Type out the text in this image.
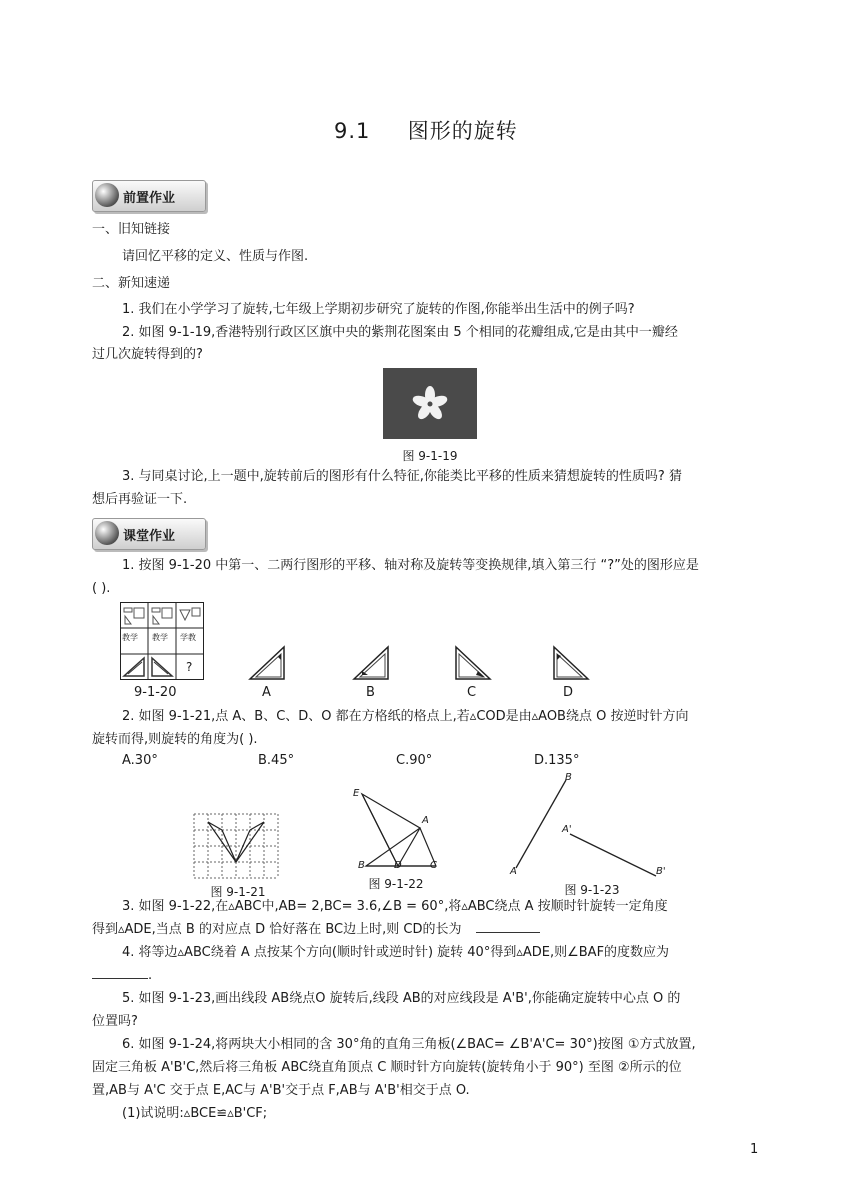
9.1 图形的旋转
前置作业
一、旧知链接
请回忆平移的定义、性质与作图.
二、新知速递
1. 我们在小学学习了旋转,七年级上学期初步研究了旋转的作图,你能举出生活中的例子吗?
2. 如图 9-1-19,香港特别行政区区旗中央的紫荆花图案由 5 个相同的花瓣组成,它是由其中一瓣经
过几次旋转得到的?
图 9-1-19
3. 与同桌讨论,上一题中,旋转前后的图形有什么特征,你能类比平移的性质来猜想旋转的性质吗? 猜
想后再验证一下.
课堂作业
1. 按图 9-1-20 中第一、二两行图形的平移、轴对称及旋转等变换规律,填入第三行 “?”处的图形应是
( ).
教学 教学 学教
?
9-1-20	A	B	C	D
2. 如图 9-1-21,点 A、B、C、D、O 都在方格纸的格点上,若▵COD是由▵AOB绕点 O 按逆时针方向
旋转而得,则旋转的角度为( ).
A.30°	B.45°	C.90°	D.135°
E
A
B	C
D
B
A
A'
B'
图 9-1-21
图 9-1-22	图 9-1-23
3. 如图 9-1-22,在▵ABC中,AB= 2,BC= 3.6,∠B = 60°,将▵ABC绕点 A 按顺时针旋转一定角度
得到▵ADE,当点 B 的对应点 D 恰好落在 BC边上时,则 CD的长为
4. 将等边▵ABC绕着 A 点按某个方向(顺时针或逆时针) 旋转 40°得到▵ADE,则∠BAF的度数应为
.
5. 如图 9-1-23,画出线段 AB绕点O 旋转后,线段 AB的对应线段是 A'B',你能确定旋转中心点 O 的
位置吗?
6. 如图 9-1-24,将两块大小相同的含 30°角的直角三角板(∠BAC= ∠B'A'C= 30°)按图 ①方式放置,
固定三角板 A'B'C,然后将三角板 ABC绕直角顶点 C 顺时针方向旋转(旋转角小于 90°) 至图 ②所示的位
置,AB与 A'C 交于点 E,AC与 A'B'交于点 F,AB与 A'B'相交于点 O.
(1)试说明:▵BCE≌▵B'CF;
1
